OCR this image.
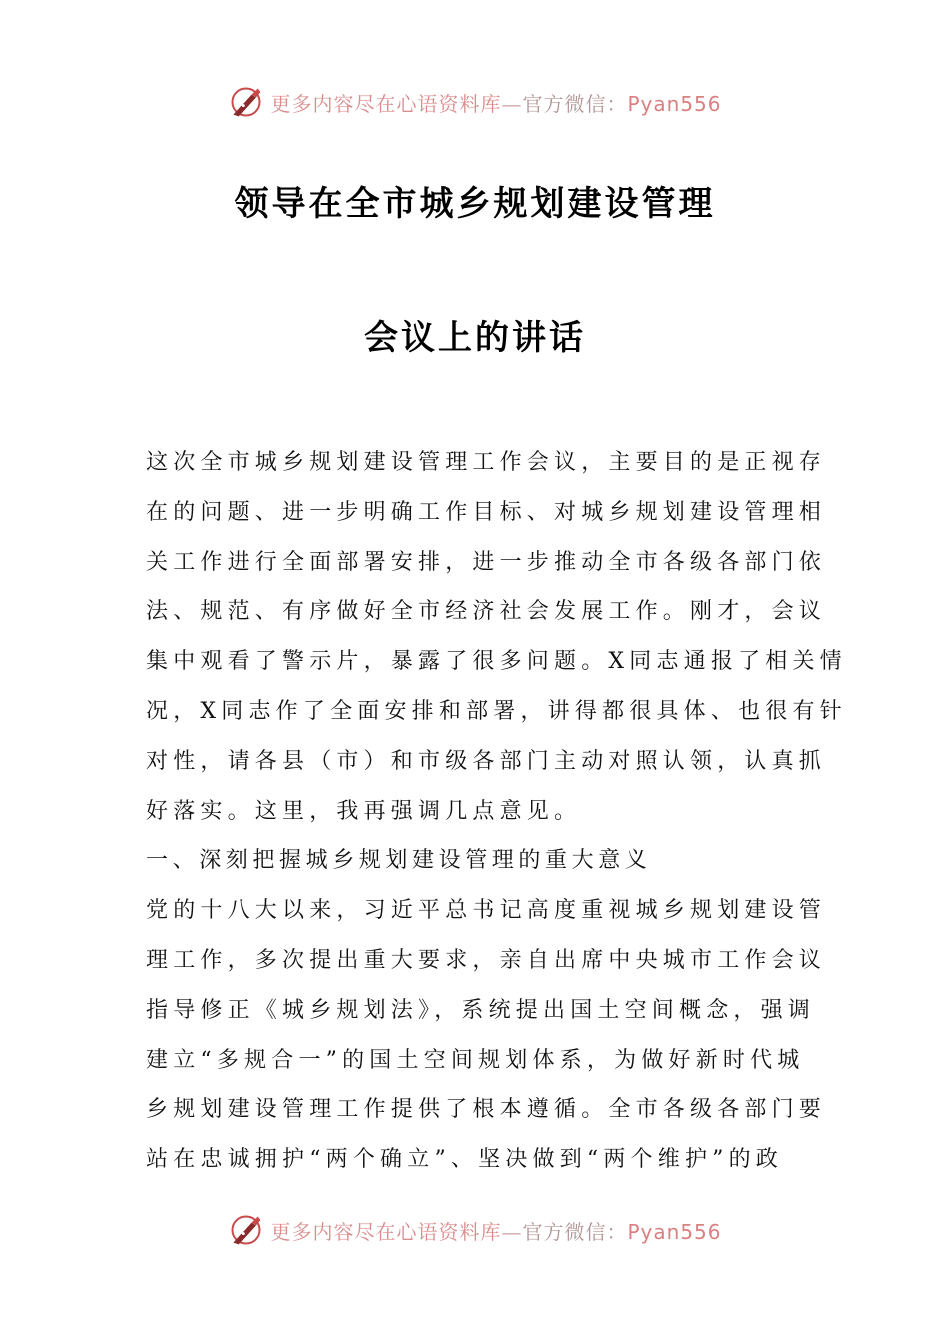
更多内容尽在心语资料库—官方微信：Pyan556
领导在全市城乡规划建设管理
会议上的讲话
这次全市城乡规划建设管理工作会议，主要目的是正视存
在的问题、进一步明确工作目标、对城乡规划建设管理相
关工作进行全面部署安排，进一步推动全市各级各部门依
法、规范、有序做好全市经济社会发展工作。刚才，会议
集中观看了警示片，暴露了很多问题。X同志通报了相关情
况，X同志作了全面安排和部署，讲得都很具体、也很有针
对性，请各县（市）和市级各部门主动对照认领，认真抓
好落实。这里，我再强调几点意见。
一、深刻把握城乡规划建设管理的重大意义
党的十八大以来，习近平总书记高度重视城乡规划建设管
理工作，多次提出重大要求，亲自出席中央城市工作会议
指导修正《城乡规划法》，系统提出国土空间概念，强调
建立“多规合一”的国土空间规划体系，为做好新时代城
乡规划建设管理工作提供了根本遵循。全市各级各部门要
站在忠诚拥护“两个确立”、坚决做到“两个维护”的政
更多内容尽在心语资料库—官方微信：Pyan556
